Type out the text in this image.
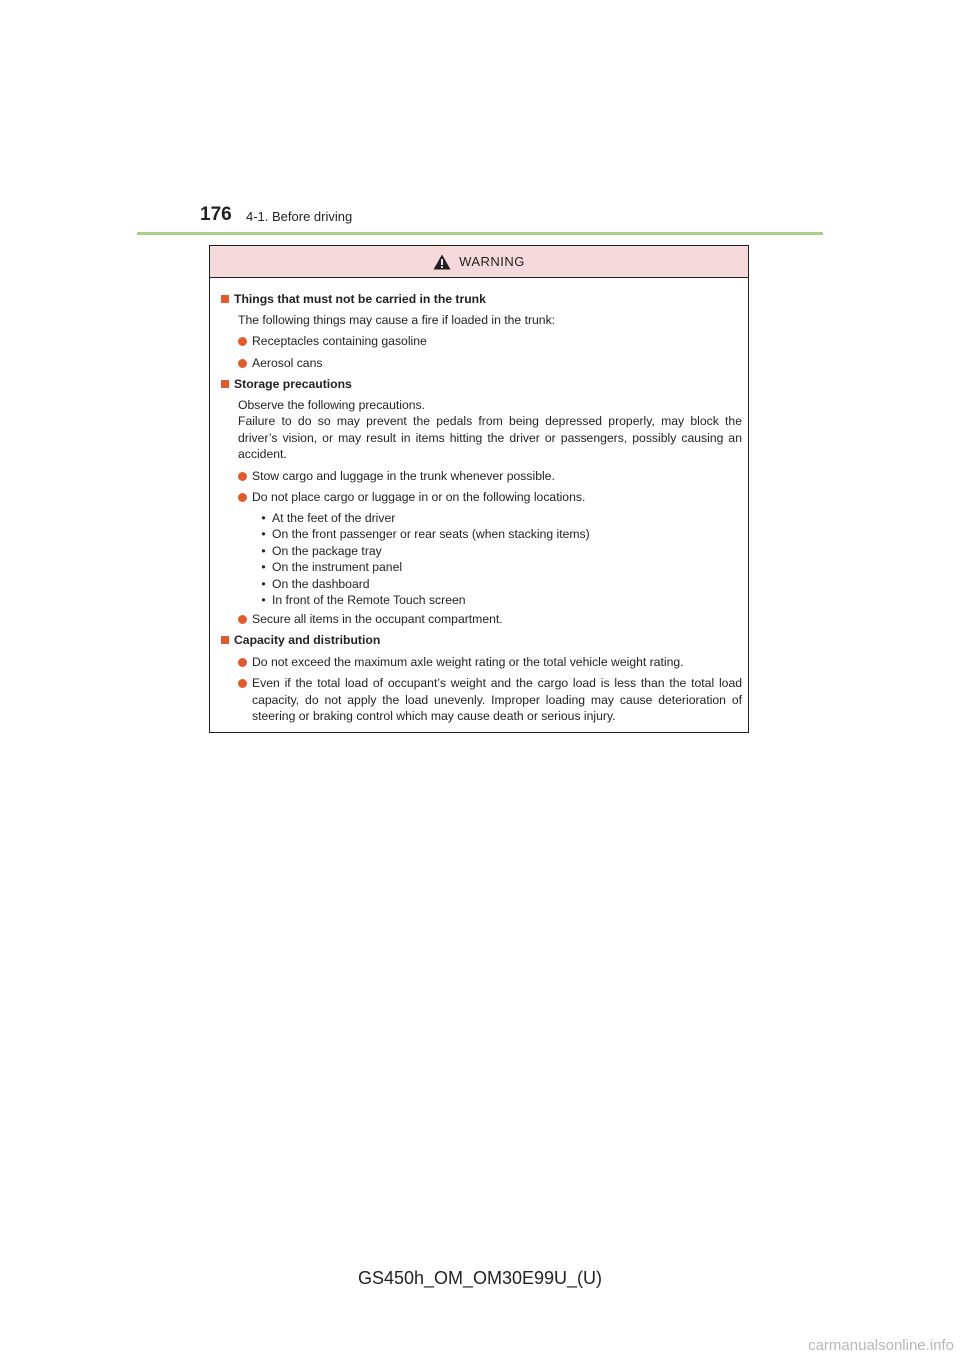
176 4-1. Before driving
WARNING
Things that must not be carried in the trunk
The following things may cause a fire if loaded in the trunk:
Receptacles containing gasoline
Aerosol cans
Storage precautions
Observe the following precautions.
Failure to do so may prevent the pedals from being depressed properly, may block the driver’s vision, or may result in items hitting the driver or passengers, possibly causing an accident.
Stow cargo and luggage in the trunk whenever possible.
Do not place cargo or luggage in or on the following locations.
• At the feet of the driver
• On the front passenger or rear seats (when stacking items)
• On the package tray
• On the instrument panel
• On the dashboard
• In front of the Remote Touch screen
Secure all items in the occupant compartment.
Capacity and distribution
Do not exceed the maximum axle weight rating or the total vehicle weight rating.
Even if the total load of occupant’s weight and the cargo load is less than the total load capacity, do not apply the load unevenly. Improper loading may cause deterioration of steering or braking control which may cause death or serious injury.
GS450h_OM_OM30E99U_(U)
carmanualsonline.info
